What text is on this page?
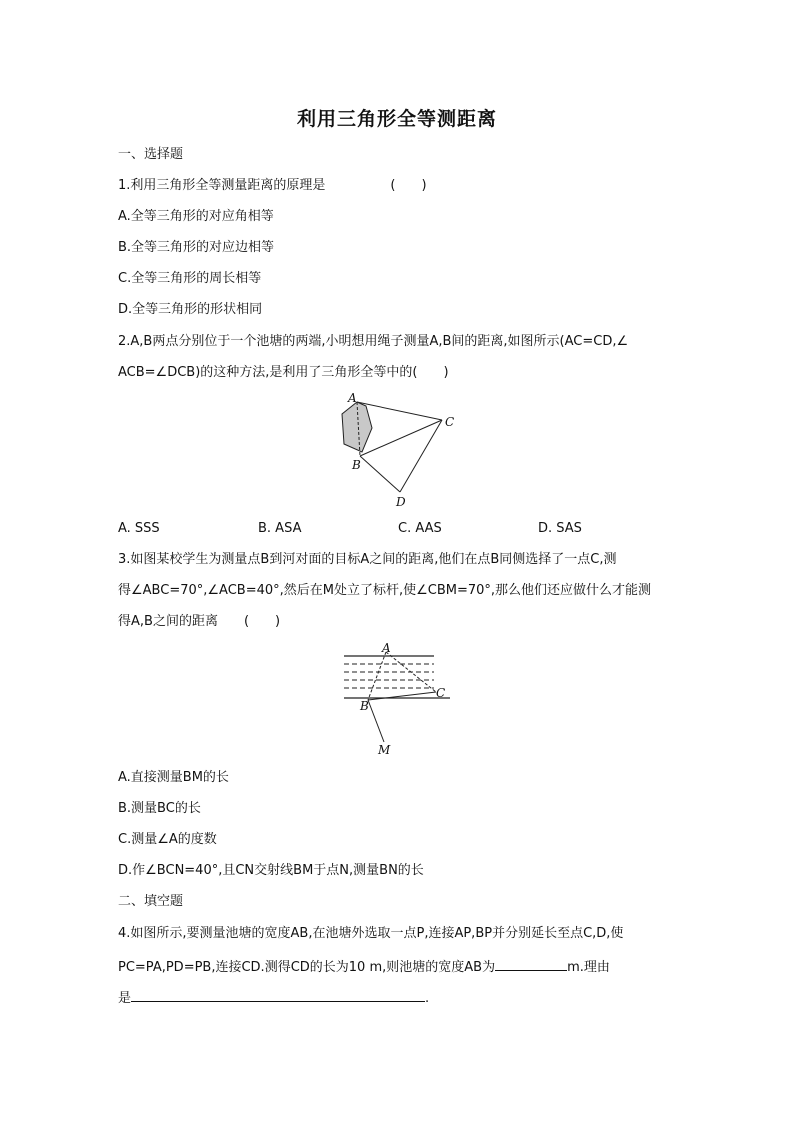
利用三角形全等测距离
一、选择题
1.利用三角形全等测量距离的原理是　　　　　(　　)
A.全等三角形的对应角相等
B.全等三角形的对应边相等
C.全等三角形的周长相等
D.全等三角形的形状相同
2.A,B两点分别位于一个池塘的两端,小明想用绳子测量A,B间的距离,如图所示(AC=CD,∠
ACB=∠DCB)的这种方法,是利用了三角形全等中的(　　)
A
B
C
D
A. SSS	B. ASA	C. AAS	D. SAS
3.如图某校学生为测量点B到河对面的目标A之间的距离,他们在点B同侧选择了一点C,测
得∠ABC=70°,∠ACB=40°,然后在M处立了标杆,使∠CBM=70°,那么他们还应做什么才能测
得A,B之间的距离　　(　　)
A
B
C
M
A.直接测量BM的长
B.测量BC的长
C.测量∠A的度数
D.作∠BCN=40°,且CN交射线BM于点N,测量BN的长
二、填空题
4.如图所示,要测量池塘的宽度AB,在池塘外选取一点P,连接AP,BP并分别延长至点C,D,使
PC=PA,PD=PB,连接CD.测得CD的长为10 m,则池塘的宽度AB为	m.理由
是	.
